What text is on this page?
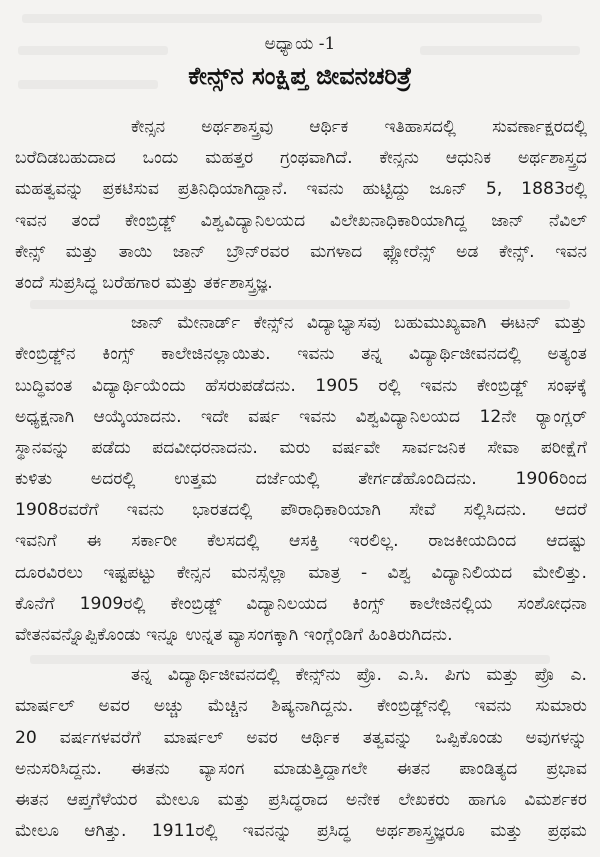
ಅಧ್ಯಾಯ -1
ಕೇನ್ಸ್‌ನ ಸಂಕ್ಷಿಪ್ತ ಜೀವನಚರಿತ್ರೆ
ಕೇನ್ಸನ ಅರ್ಥಶಾಸ್ತ್ರವು ಆರ್ಥಿಕ ಇತಿಹಾಸದಲ್ಲಿ ಸುವರ್ಣಾಕ್ಷರದಲ್ಲಿ
ಬರೆದಿಡಬಹುದಾದ ಒಂದು ಮಹತ್ತರ ಗ್ರಂಥವಾಗಿದೆ. ಕೇನ್ಸನು ಆಧುನಿಕ ಅರ್ಥಶಾಸ್ತ್ರದ
ಮಹತ್ವವನ್ನು ಪ್ರಕಟಿಸುವ ಪ್ರತಿನಿಧಿಯಾಗಿದ್ದಾನೆ. ಇವನು ಹುಟ್ಟಿದ್ದು ಜೂನ್ 5, 1883ರಲ್ಲಿ
ಇವನ ತಂದೆ ಕೇಂಬ್ರಿಡ್ಜ್ ವಿಶ್ವವಿದ್ಯಾನಿಲಯದ ವಿಲೇಖನಾಧಿಕಾರಿಯಾಗಿದ್ದ ಜಾನ್ ನೆವಿಲ್
ಕೇನ್ಸ್ ಮತ್ತು ತಾಯಿ ಜಾನ್ ಬ್ರೌನ್‌ರವರ ಮಗಳಾದ ಫ್ಲೋರೆನ್ಸ್ ಅಡ ಕೇನ್ಸ್. ಇವನ
ತಂದೆ ಸುಪ್ರಸಿದ್ಧ ಬರೆಹಗಾರ ಮತ್ತು ತರ್ಕಶಾಸ್ತ್ರಜ್ಞ.
ಜಾನ್ ಮೇನಾರ್ಡ್ ಕೇನ್ಸ್‌ನ ವಿದ್ಯಾಭ್ಯಾಸವು ಬಹುಮುಖ್ಯವಾಗಿ ಈಟನ್ ಮತ್ತು
ಕೇಂಬ್ರಿಡ್ಜ್‌ನ ಕಿಂಗ್ಸ್ ಕಾಲೇಜಿನಲ್ಲಾಯಿತು. ಇವನು ತನ್ನ ವಿದ್ಯಾರ್ಥಿಜೀವನದಲ್ಲಿ ಅತ್ಯಂತ
ಬುದ್ಧಿವಂತ ವಿದ್ಯಾರ್ಥಿಯೆಂದು ಹೆಸರುಪಡೆದನು. 1905 ರಲ್ಲಿ ಇವನು ಕೇಂಬ್ರಿಡ್ಜ್ ಸಂಘಕ್ಕೆ
ಅಧ್ಯಕ್ಷನಾಗಿ ಆಯ್ಕೆಯಾದನು. ಇದೇ ವರ್ಷ ಇವನು ವಿಶ್ವವಿದ್ಯಾನಿಲಯದ 12ನೇ ರ್‍ಯಾಂಗ್ಲರ್
ಸ್ಥಾನವನ್ನು ಪಡೆದು ಪದವೀಧರನಾದನು. ಮರು ವರ್ಷವೇ ಸಾರ್ವಜನಿಕ ಸೇವಾ ಪರೀಕ್ಷೆಗೆ
ಕುಳಿತು ಅದರಲ್ಲಿ ಉತ್ತಮ ದರ್ಜೆಯಲ್ಲಿ ತೇರ್ಗಡೆಹೊಂದಿದನು. 1906ರಿಂದ
1908ರವರೆಗೆ ಇವನು ಭಾರತದಲ್ಲಿ ಪೌರಾಧಿಕಾರಿಯಾಗಿ ಸೇವೆ ಸಲ್ಲಿಸಿದನು. ಆದರೆ
ಇವನಿಗೆ ಈ ಸರ್ಕಾರೀ ಕೆಲಸದಲ್ಲಿ ಆಸಕ್ತಿ ಇರಲಿಲ್ಲ. ರಾಜಕೀಯದಿಂದ ಆದಷ್ಟು
ದೂರವಿರಲು ಇಷ್ಟಪಟ್ಟು ಕೇನ್ಸನ ಮನಸ್ಸೆಲ್ಲಾ ಮಾತ್ರ - ವಿಶ್ವ ವಿದ್ಯಾನಿಲಿಯದ ಮೇಲಿತ್ತು.
ಕೊನೆಗೆ 1909ರಲ್ಲಿ ಕೇಂಬ್ರಿಡ್ಜ್ ವಿದ್ಯಾನಿಲಯದ ಕಿಂಗ್ಸ್ ಕಾಲೇಜಿನಲ್ಲಿಯ ಸಂಶೋಧನಾ
ವೇತನವನ್ನೊಪ್ಪಿಕೊಂಡು ಇನ್ನೂ ಉನ್ನತ ವ್ಯಾಸಂಗಕ್ಕಾಗಿ ಇಂಗ್ಲೆಂಡಿಗೆ ಹಿಂತಿರುಗಿದನು.
ತನ್ನ ವಿದ್ಯಾರ್ಥಿಜೀವನದಲ್ಲಿ ಕೇನ್ಸ್‌ನು ಪ್ರೊ. ಎ.ಸಿ. ಪಿಗು ಮತ್ತು ಪ್ರೊ ಎ.
ಮಾರ್ಷಲ್ ಅವರ ಅಚ್ಚು ಮೆಚ್ಚಿನ ಶಿಷ್ಯನಾಗಿದ್ದನು. ಕೇಂಬ್ರಿಡ್ಜ್‌ನಲ್ಲಿ ಇವನು ಸುಮಾರು
20 ವರ್ಷಗಳವರೆಗೆ ಮಾರ್ಷಲ್ ಅವರ ಆರ್ಥಿಕ ತತ್ವವನ್ನು ಒಪ್ಪಿಕೊಂಡು ಅವುಗಳನ್ನು
ಅನುಸರಿಸಿದ್ದನು. ಈತನು ವ್ಯಾಸಂಗ ಮಾಡುತ್ತಿದ್ದಾಗಲೇ ಈತನ ಪಾಂಡಿತ್ಯದ ಪ್ರಭಾವ
ಈತನ ಆಪ್ತಗೆಳೆಯರ ಮೇಲೂ ಮತ್ತು ಪ್ರಸಿದ್ಧರಾದ ಅನೇಕ ಲೇಖಕರು ಹಾಗೂ ವಿಮರ್ಶಕರ
ಮೇಲೂ ಆಗಿತ್ತು. 1911ರಲ್ಲಿ ಇವನನ್ನು ಪ್ರಸಿದ್ಧ ಅರ್ಥಶಾಸ್ತ್ರಜ್ಞರೂ ಮತ್ತು ಪ್ರಥಮ
